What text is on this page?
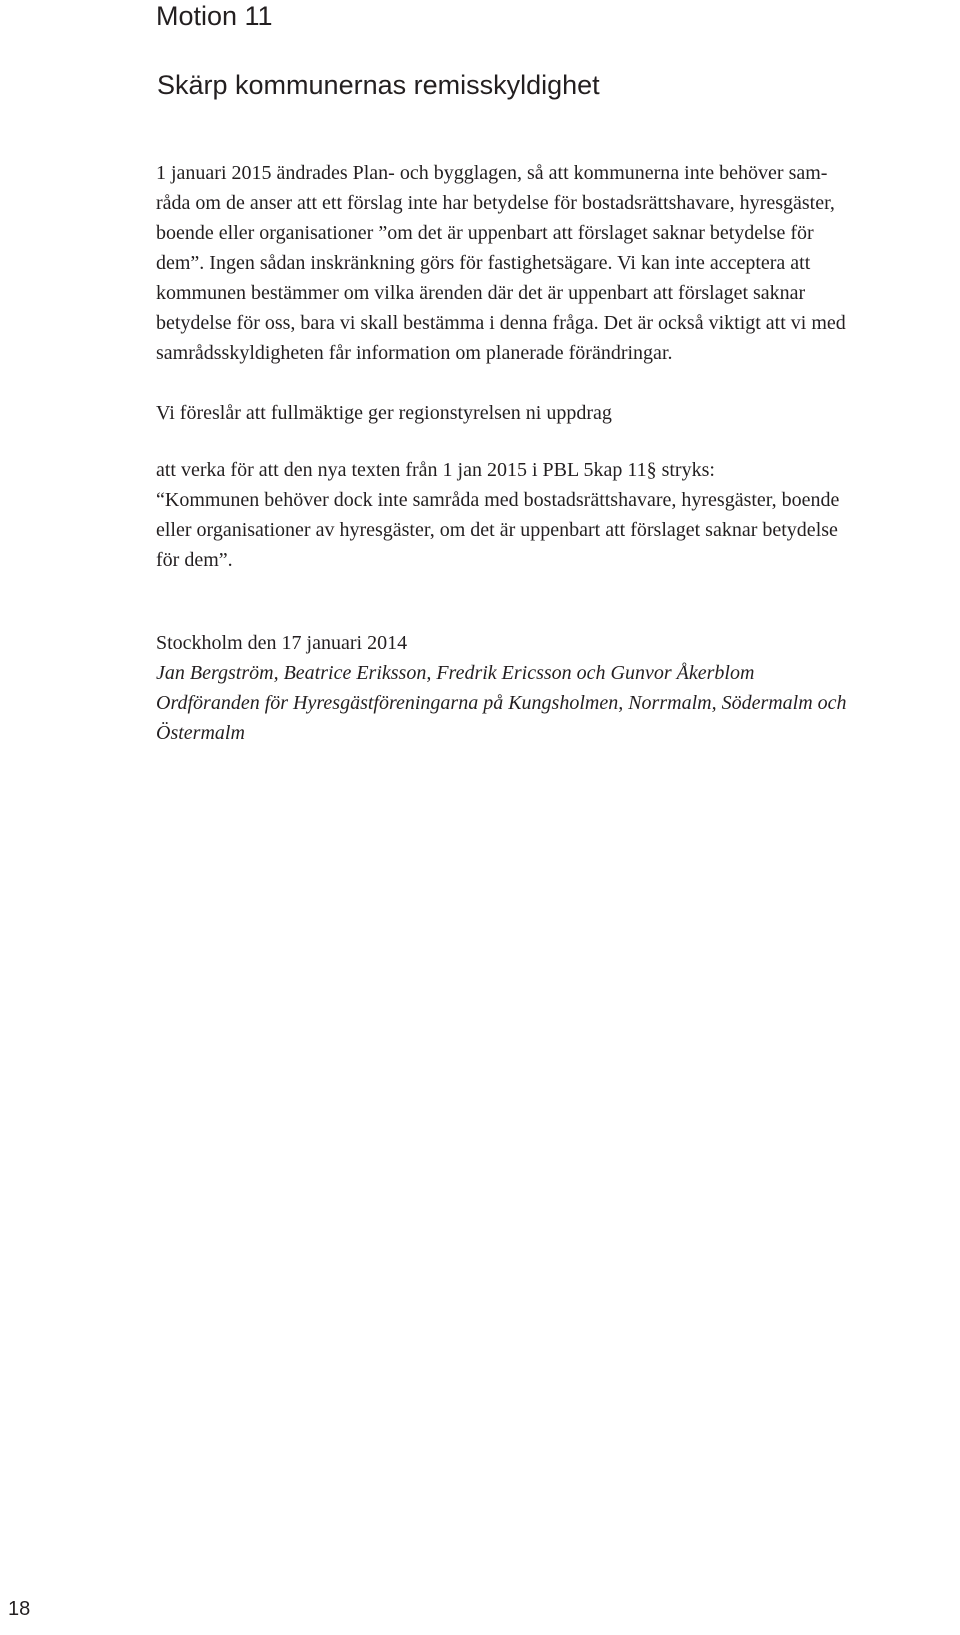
Motion 11
Skärp kommunernas remisskyldighet
1 januari 2015 ändrades Plan- och bygglagen, så att kommunerna inte behöver sam-
råda om de anser att ett förslag inte har betydelse för bostadsrättshavare, hyresgäster,
boende eller organisationer ”om det är uppenbart att förslaget saknar betydelse för
dem”. Ingen sådan inskränkning görs för fastighetsägare. Vi kan inte acceptera att
kommunen bestämmer om vilka ärenden där det är uppenbart att förslaget saknar
betydelse för oss, bara vi skall bestämma i denna fråga. Det är också viktigt att vi med
samrådsskyldigheten får information om planerade förändringar.
Vi föreslår att fullmäktige ger regionstyrelsen ni uppdrag
att verka för att den nya texten från 1 jan 2015 i PBL 5kap 11§ stryks:
“Kommunen behöver dock inte samråda med bostadsrättshavare, hyresgäster, boende
eller organisationer av hyresgäster, om det är uppenbart att förslaget saknar betydelse
för dem”.
Stockholm den 17 januari 2014
Jan Bergström, Beatrice Eriksson, Fredrik Ericsson och Gunvor Åkerblom
Ordföranden för Hyresgästföreningarna på Kungsholmen, Norrmalm, Södermalm och
Östermalm
18
